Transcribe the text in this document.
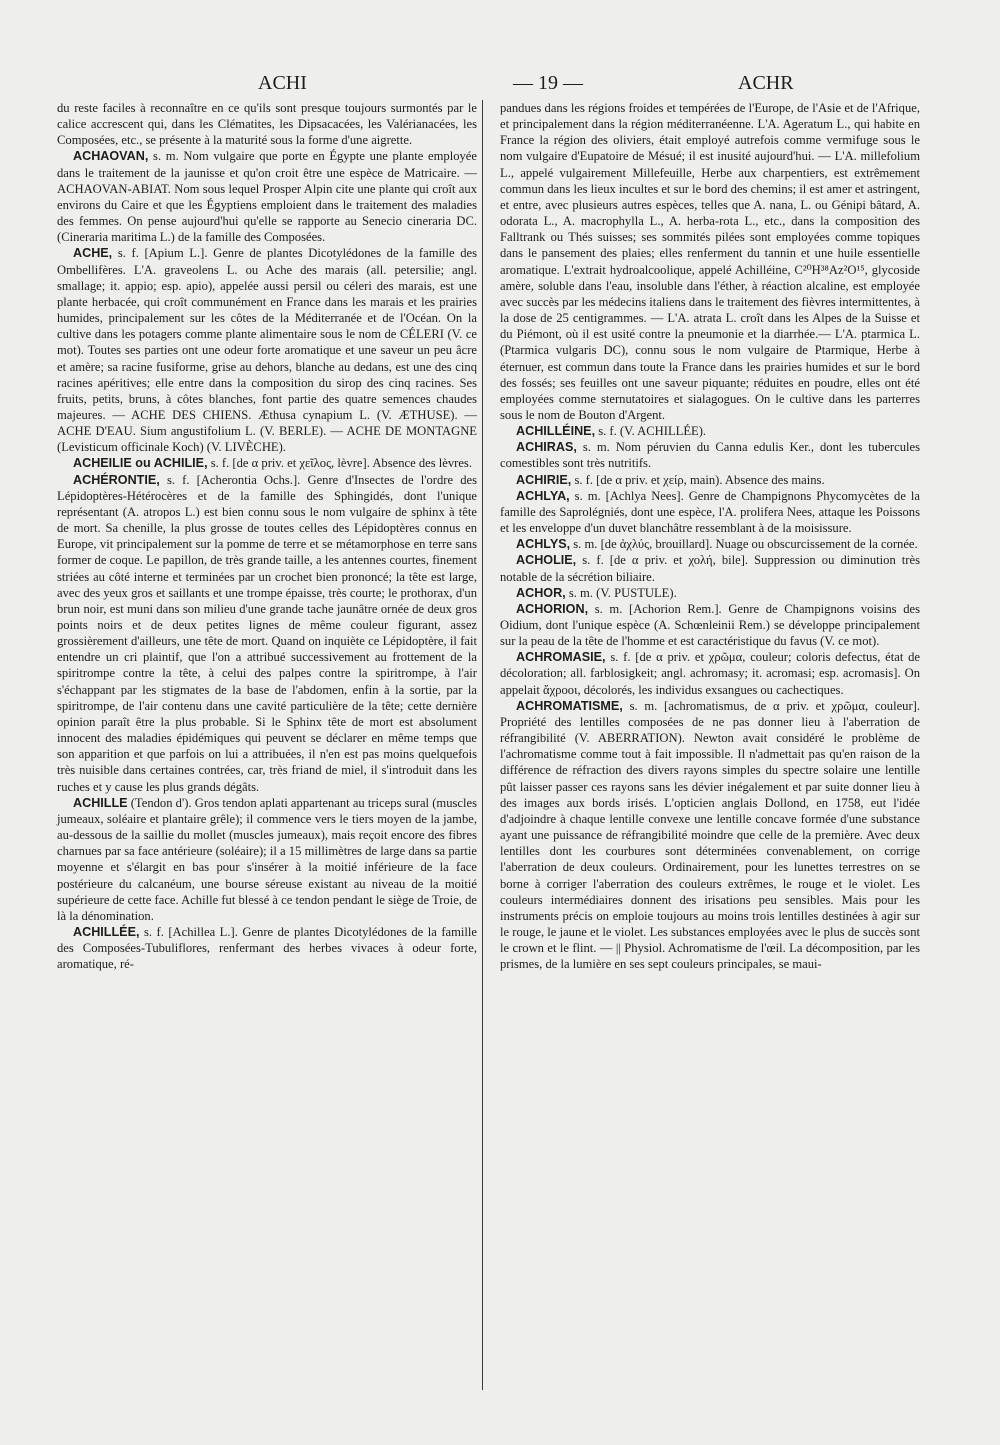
ACHI	— 19 —	ACHR

du reste faciles à reconnaître en ce qu'ils sont presque toujours surmontés par le calice accrescent qui, dans les Clématites, les Dipsacacées, les Valérianacées, les Composées, etc., se présente à la maturité sous la forme d'une aigrette.

ACHAOVAN, s. m. Nom vulgaire que porte en Égypte une plante employée dans le traitement de la jaunisse et qu'on croit être une espèce de Matricaire. — ACHAOVAN-ABIAT. Nom sous lequel Prosper Alpin cite une plante qui croît aux environs du Caire et que les Égyptiens emploient dans le traitement des maladies des femmes. On pense aujourd'hui qu'elle se rapporte au Senecio cineraria DC. (Cineraria maritima L.) de la famille des Composées.

ACHE, s. f. [Apium L.]. Genre de plantes Dicotylédones de la famille des Ombellifères. L'A. graveolens L. ou Ache des marais (all. petersilie; angl. smallage; it. appio; esp. apio), appelée aussi persil ou céleri des marais, est une plante herbacée, qui croît communément en France dans les marais et les prairies humides, principalement sur les côtes de la Méditerranée et de l'Océan. On la cultive dans les potagers comme plante alimentaire sous le nom de CÉLERI (V. ce mot). Toutes ses parties ont une odeur forte aromatique et une saveur un peu âcre et amère; sa racine fusiforme, grise au dehors, blanche au dedans, est une des cinq racines apéritives; elle entre dans la composition du sirop des cinq racines. Ses fruits, petits, bruns, à côtes blanches, font partie des quatre semences chaudes majeures. — ACHE DES CHIENS. Æthusa cynapium L. (V. ÆTHUSE). — ACHE D'EAU. Sium angustifolium L. (V. BERLE). — ACHE DE MONTAGNE (Levisticum officinale Koch) (V. LIVÈCHE).

ACHEILIE ou ACHILIE, s. f. [de α priv. et χεῖλος, lèvre]. Absence des lèvres.

ACHÉRONTIE, s. f. [Acherontia Ochs.]. Genre d'Insectes de l'ordre des Lépidoptères-Hétérocères et de la famille des Sphingidés, dont l'unique représentant (A. atropos L.) est bien connu sous le nom vulgaire de sphinx à tête de mort. Sa chenille, la plus grosse de toutes celles des Lépidoptères connus en Europe, vit principalement sur la pomme de terre et se métamorphose en terre sans former de coque. Le papillon, de très grande taille, a les antennes courtes, finement striées au côté interne et terminées par un crochet bien prononcé; la tête est large, avec des yeux gros et saillants et une trompe épaisse, très courte; le prothorax, d'un brun noir, est muni dans son milieu d'une grande tache jaunâtre ornée de deux gros points noirs et de deux petites lignes de même couleur figurant, assez grossièrement d'ailleurs, une tête de mort. Quand on inquiète ce Lépidoptère, il fait entendre un cri plaintif, que l'on a attribué successivement au frottement de la spiritrompe contre la tête, à celui des palpes contre la spiritrompe, à l'air s'échappant par les stigmates de la base de l'abdomen, enfin à la sortie, par la spiritrompe, de l'air contenu dans une cavité particulière de la tête; cette dernière opinion paraît être la plus probable. Si le Sphinx tête de mort est absolument innocent des maladies épidémiques qui peuvent se déclarer en même temps que son apparition et que parfois on lui a attribuées, il n'en est pas moins quelquefois très nuisible dans certaines contrées, car, très friand de miel, il s'introduit dans les ruches et y cause les plus grands dégâts.

ACHILLE (Tendon d'). Gros tendon aplati appartenant au triceps sural (muscles jumeaux, soléaire et plantaire grêle); il commence vers le tiers moyen de la jambe, au-dessous de la saillie du mollet (muscles jumeaux), mais reçoit encore des fibres charnues par sa face antérieure (soléaire); il a 15 millimètres de large dans sa partie moyenne et s'élargit en bas pour s'insérer à la moitié inférieure de la face postérieure du calcanéum, une bourse séreuse existant au niveau de la moitié supérieure de cette face. Achille fut blessé à ce tendon pendant le siège de Troie, de là la dénomination.

ACHILLÉE, s. f. [Achillea L.]. Genre de plantes Dicotylédones de la famille des Composées-Tubuliflores, renfermant des herbes vivaces à odeur forte, aromatique, ré-

pandues dans les régions froides et tempérées de l'Europe, de l'Asie et de l'Afrique, et principalement dans la région méditerranéenne. L'A. Ageratum L., qui habite en France la région des oliviers, était employé autrefois comme vermifuge sous le nom vulgaire d'Eupatoire de Mésué; il est inusité aujourd'hui. — L'A. millefolium L., appelé vulgairement Millefeuille, Herbe aux charpentiers, est extrêmement commun dans les lieux incultes et sur le bord des chemins; il est amer et astringent, et entre, avec plusieurs autres espèces, telles que A. nana, L. ou Génipi bâtard, A. odorata L., A. macrophylla L., A. herba-rota L., etc., dans la composition des Falltrank ou Thés suisses; ses sommités pilées sont employées comme topiques dans le pansement des plaies; elles renferment du tannin et une huile essentielle aromatique. L'extrait hydroalcoolique, appelé Achilléine, C²⁰H³⁸Az²O¹⁵, glycoside amère, soluble dans l'eau, insoluble dans l'éther, à réaction alcaline, est employée avec succès par les médecins italiens dans le traitement des fièvres intermittentes, à la dose de 25 centigrammes. — L'A. atrata L. croît dans les Alpes de la Suisse et du Piémont, où il est usité contre la pneumonie et la diarrhée.— L'A. ptarmica L. (Ptarmica vulgaris DC), connu sous le nom vulgaire de Ptarmique, Herbe à éternuer, est commun dans toute la France dans les prairies humides et sur le bord des fossés; ses feuilles ont une saveur piquante; réduites en poudre, elles ont été employées comme sternutatoires et sialagogues. On le cultive dans les parterres sous le nom de Bouton d'Argent.

ACHILLÉINE, s. f. (V. ACHILLÉE).

ACHIRAS, s. m. Nom péruvien du Canna edulis Ker., dont les tubercules comestibles sont très nutritifs.

ACHIRIE, s. f. [de α priv. et χείρ, main). Absence des mains.

ACHLYA, s. m. [Achlya Nees]. Genre de Champignons Phycomycètes de la famille des Saprolégniés, dont une espèce, l'A. prolifera Nees, attaque les Poissons et les enveloppe d'un duvet blanchâtre ressemblant à de la moisissure.

ACHLYS, s. m. [de ἀχλύς, brouillard]. Nuage ou obscurcissement de la cornée.

ACHOLIE, s. f. [de α priv. et χολή, bile]. Suppression ou diminution très notable de la sécrétion biliaire.

ACHOR, s. m. (V. PUSTULE).

ACHORION, s. m. [Achorion Rem.]. Genre de Champignons voisins des Oidium, dont l'unique espèce (A. Schœnleinii Rem.) se développe principalement sur la peau de la tête de l'homme et est caractéristique du favus (V. ce mot).

ACHROMASIE, s. f. [de α priv. et χρῶμα, couleur; coloris defectus, état de décoloration; all. farblosigkeit; angl. achromasy; it. acromasi; esp. acromasis]. On appelait ἄχροοι, décolorés, les individus exsangues ou cachectiques.

ACHROMATISME, s. m. [achromatismus, de α priv. et χρῶμα, couleur]. Propriété des lentilles composées de ne pas donner lieu à l'aberration de réfrangibilité (V. ABERRATION). Newton avait considéré le problème de l'achromatisme comme tout à fait impossible. Il n'admettait pas qu'en raison de la différence de réfraction des divers rayons simples du spectre solaire une lentille pût laisser passer ces rayons sans les dévier inégalement et par suite donner lieu à des images aux bords irisés. L'opticien anglais Dollond, en 1758, eut l'idée d'adjoindre à chaque lentille convexe une lentille concave formée d'une substance ayant une puissance de réfrangibilité moindre que celle de la première. Avec deux lentilles dont les courbures sont déterminées convenablement, on corrige l'aberration de deux couleurs. Ordinairement, pour les lunettes terrestres on se borne à corriger l'aberration des couleurs extrêmes, le rouge et le violet. Les couleurs intermédiaires donnent des irisations peu sensibles. Mais pour les instruments précis on emploie toujours au moins trois lentilles destinées à agir sur le rouge, le jaune et le violet. Les substances employées avec le plus de succès sont le crown et le flint. — || Physiol. Achromatisme de l'œil. La décomposition, par les prismes, de la lumière en ses sept couleurs principales, se maui-
